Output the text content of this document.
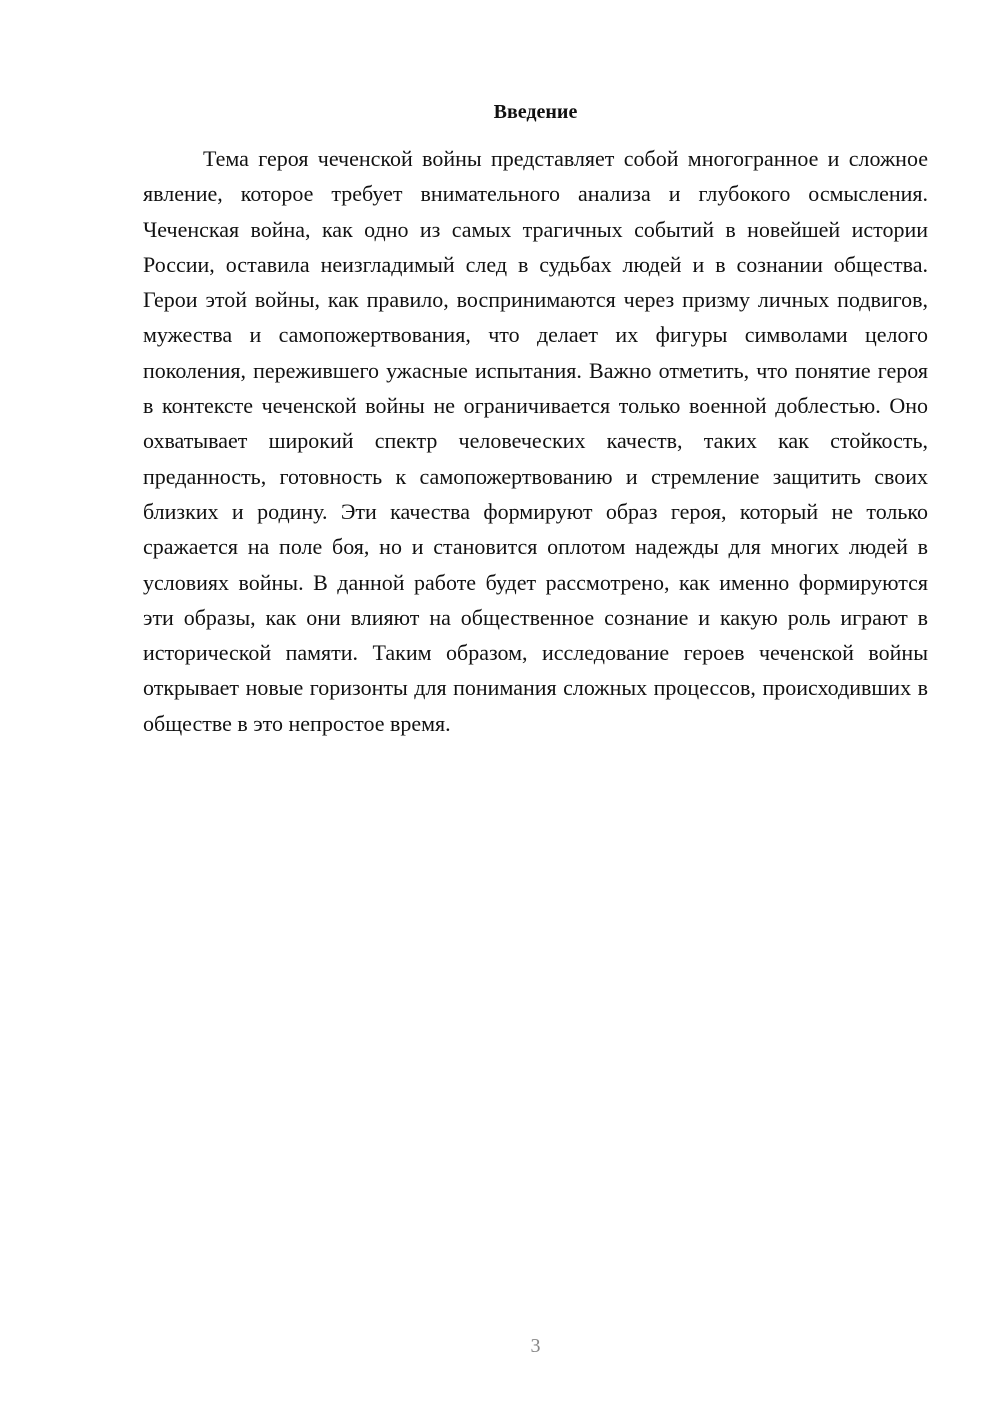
Введение

Тема героя чеченской войны представляет собой многогранное и сложное явление, которое требует внимательного анализа и глубокого осмысления. Чеченская война, как одно из самых трагичных событий в новейшей истории России, оставила неизгладимый след в судьбах людей и в сознании общества. Герои этой войны, как правило, воспринимаются через призму личных подвигов, мужества и самопожертвования, что делает их фигуры символами целого поколения, пережившего ужасные испытания. Важно отметить, что понятие героя в контексте чеченской войны не ограничивается только военной доблестью. Оно охватывает широкий спектр человеческих качеств, таких как стойкость, преданность, готовность к самопожертвованию и стремление защитить своих близких и родину. Эти качества формируют образ героя, который не только сражается на поле боя, но и становится оплотом надежды для многих людей в условиях войны. В данной работе будет рассмотрено, как именно формируются эти образы, как они влияют на общественное сознание и какую роль играют в исторической памяти. Таким образом, исследование героев чеченской войны открывает новые горизонты для понимания сложных процессов, происходивших в обществе в это непростое время.

3
